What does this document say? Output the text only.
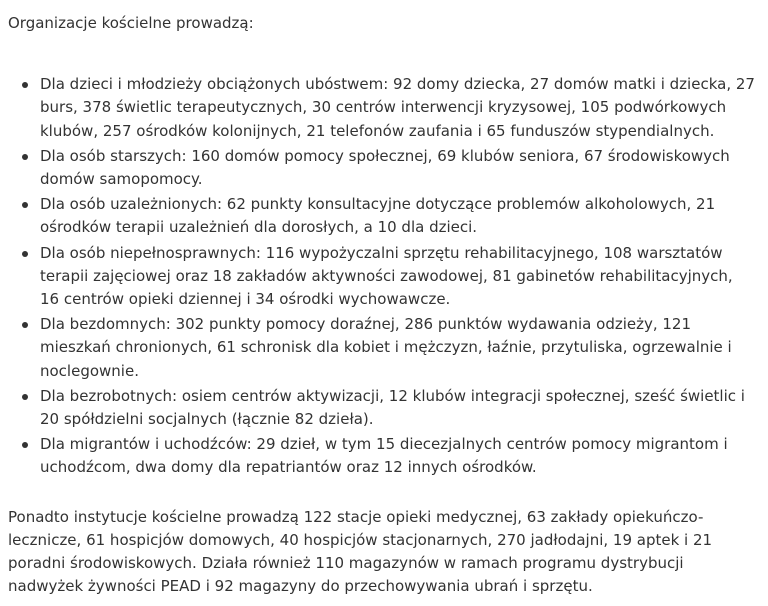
Organizacje kościelne prowadzą:

Dla dzieci i młodzieży obciążonych ubóstwem: 92 domy dziecka, 27 domów matki i dziecka, 27 burs, 378 świetlic terapeutycznych, 30 centrów interwencji kryzysowej, 105 podwórkowych klubów, 257 ośrodków kolonijnych, 21 telefonów zaufania i 65 funduszów stypendialnych.
Dla osób starszych: 160 domów pomocy społecznej, 69 klubów seniora, 67 środowiskowych domów samopomocy.
Dla osób uzależnionych: 62 punkty konsultacyjne dotyczące problemów alkoholowych, 21 ośrodków terapii uzależnień dla dorosłych, a 10 dla dzieci.
Dla osób niepełnosprawnych: 116 wypożyczalni sprzętu rehabilitacyjnego, 108 warsztatów terapii zajęciowej oraz 18 zakładów aktywności zawodowej, 81 gabinetów rehabilitacyjnych, 16 centrów opieki dziennej i 34 ośrodki wychowawcze.
Dla bezdomnych: 302 punkty pomocy doraźnej, 286 punktów wydawania odzieży, 121 mieszkań chronionych, 61 schronisk dla kobiet i mężczyzn, łaźnie, przytuliska, ogrzewalnie i noclegownie.
Dla bezrobotnych: osiem centrów aktywizacji, 12 klubów integracji społecznej, sześć świetlic i 20 spółdzielni socjalnych (łącznie 82 dzieła).
Dla migrantów i uchodźców: 29 dzieł, w tym 15 diecezjalnych centrów pomocy migrantom i uchodźcom, dwa domy dla repatriantów oraz 12 innych ośrodków.

Ponadto instytucje kościelne prowadzą 122 stacje opieki medycznej, 63 zakłady opiekuńczo-lecznicze, 61 hospicjów domowych, 40 hospicjów stacjonarnych, 270 jadłodajni, 19 aptek i 21 poradni środowiskowych. Działa również 110 magazynów w ramach programu dystrybucji nadwyżek żywności PEAD i 92 magazyny do przechowywania ubrań i sprzętu.
